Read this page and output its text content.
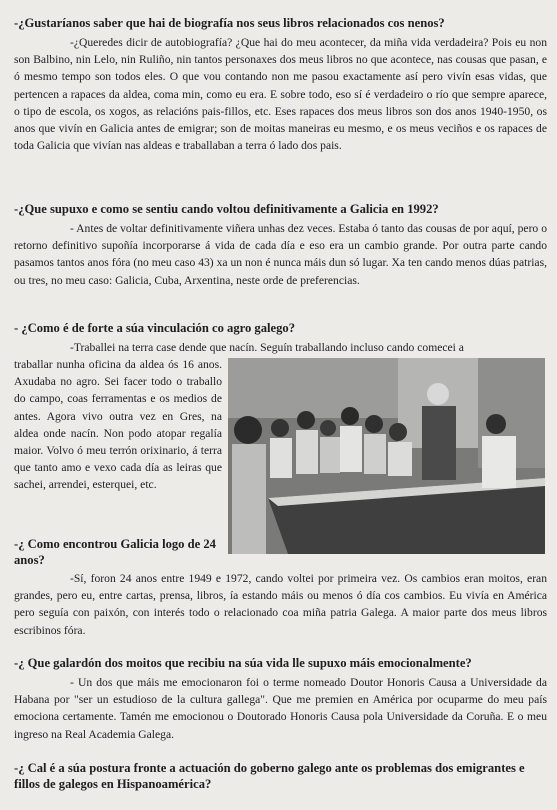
-¿Gustaríanos saber que hai de biografía nos seus libros relacionados cos nenos?

-¿Queredes dicir de autobiografía? ¿Que hai do meu acontecer, da miña vida verdadeira? Pois eu non son Balbino, nin Lelo, nin Ruliño, nin tantos personaxes dos meus libros no que acontece, nas cousas que pasan, e ó mesmo tempo son todos eles. O que vou contando non me pasou exactamente así pero vivín esas vidas, que pertencen a rapaces da aldea, coma min, como eu era. E sobre todo, eso sí é verdadeiro o río que sempre aparece, o tipo de escola, os xogos, as relacións pais-fillos, etc. Eses rapaces dos meus libros son dos anos 1940-1950, os anos que vivín en Galicia antes de emigrar; son de moitas maneiras eu mesmo, e os meus veciños e os rapaces de toda Galicia que vivían nas aldeas e traballaban a terra ó lado dos pais.

-¿Que supuxo e como se sentiu cando voltou definitivamente a Galicia en 1992?

- Antes de voltar definitivamente viñera unhas dez veces. Estaba ó tanto das cousas de por aquí, pero o retorno definitivo supoñía incorporarse á vida de cada día e eso era un cambio grande. Por outra parte cando pasamos tantos anos fóra (no meu caso 43) xa un non é nunca máis dun só lugar. Xa ten cando menos dúas patrias, ou tres, no meu caso: Galicia, Cuba, Arxentina, neste orde de preferencias.

- ¿Como é de forte a súa vinculación co agro galego?

-Traballei na terra case dende que nacín. Seguín traballando incluso cando comecei a

traballar nunha oficina da aldea ós 16 anos. Axudaba no agro. Sei facer todo o traballo do campo, coas ferramentas e os medios de antes. Agora vivo outra vez en Gres, na aldea onde nacín. Non podo atopar regalía maior. Volvo ó meu terrón orixinario, á terra que tanto amo e vexo cada día as leiras que sachei, arrendei, esterquei, etc.

-¿ Como encontrou Galicia logo de 24 anos?

-Sí, foron 24 anos entre 1949 e 1972, cando voltei por primeira vez. Os cambios eran moitos, eran grandes, pero eu, entre cartas, prensa, libros, ía estando máis ou menos ó día cos cambios. Eu vivía en América pero seguía con paixón, con interés todo o relacionado coa miña patria Galega. A maior parte dos meus libros escribinos fóra.

-¿ Que galardón dos moitos que recibiu na súa vida lle supuxo máis emocionalmente?

- Un dos que máis me emocionaron foi o terme nomeado Doutor Honoris Causa a Universidade da Habana por "ser un estudioso de la cultura gallega". Que me premien en América por ocuparme do meu país emociona certamente. Tamén me emocionou o Doutorado Honoris Causa pola Universidade da Coruña. E o meu ingreso na Real Academia Galega.

-¿ Cal é a súa postura fronte a actuación do goberno galego ante os problemas dos emigrantes e fillos de galegos en Hispanoamérica?
